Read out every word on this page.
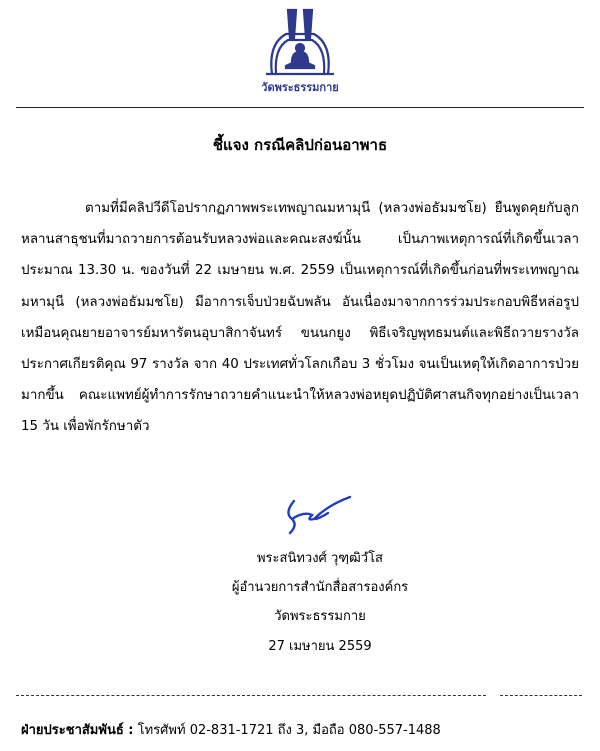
วัดพระธรรมกาย
ชี้แจง กรณีคลิปก่อนอาพาธ
ตามที่มีคลิปวีดีโอปรากฏภาพพระเทพญาณมหามุนี (หลวงพ่อธัมมชโย) ยืนพูดคุยกับลูกหลานสาธุชนที่มาถวายการต้อนรับหลวงพ่อและคณะสงฆ์นั้น เป็นภาพเหตุการณ์ที่เกิดขึ้นเวลาประมาณ 13.30 น. ของวันที่ 22 เมษายน พ.ศ. 2559 เป็นเหตุการณ์ที่เกิดขึ้นก่อนที่พระเทพญาณมหามุนี (หลวงพ่อธัมมชโย) มีอาการเจ็บป่วยฉับพลัน อันเนื่องมาจากการร่วมประกอบพิธีหล่อรูปเหมือนคุณยายอาจารย์มหารัตนอุบาสิกาจันทร์ ขนนกยูง พิธีเจริญพุทธมนต์และพิธีถวายรางวัลประกาศเกียรติคุณ 97 รางวัล จาก 40 ประเทศทั่วโลกเกือบ 3 ชั่วโมง จนเป็นเหตุให้เกิดอาการป่วยมากขึ้น คณะแพทย์ผู้ทำการรักษาถวายคำแนะนำให้หลวงพ่อหยุดปฏิบัติศาสนกิจทุกอย่างเป็นเวลา 15 วัน เพื่อพักรักษาตัว
พระสนิทวงศ์ วุฑฺฒิวํโส
ผู้อำนวยการสำนักสื่อสารองค์กร
วัดพระธรรมกาย
27 เมษายน 2559
ฝ่ายประชาสัมพันธ์ : โทรศัพท์ 02-831-1721 ถึง 3, มือถือ 080-557-1488
